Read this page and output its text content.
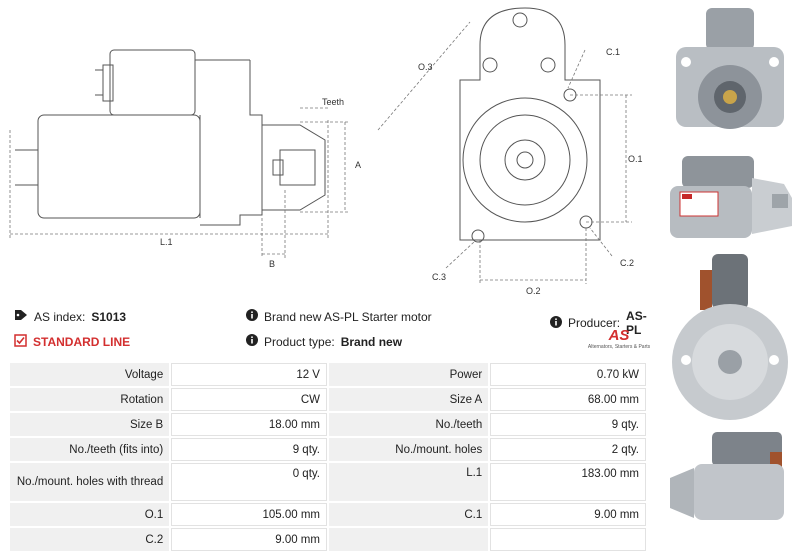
Teeth
A
B
L.1
O.3
C.1
O.1
C.3
C.2
O.2
AS index: S1013
STANDARD LINE
Brand new AS-PL Starter motor
Product type: Brand new
Producer: AS-PL
AS
Alternators, Starters & Parts
Voltage	12 V	Power	0.70 kW
Rotation	CW	Size A	68.00 mm
Size B	18.00 mm	No./teeth	9 qty.
No./teeth (fits into)	9 qty.	No./mount. holes	2 qty.
No./mount. holes with thread	0 qty.	L.1	183.00 mm
O.1	105.00 mm	C.1	9.00 mm
C.2	9.00 mm		
